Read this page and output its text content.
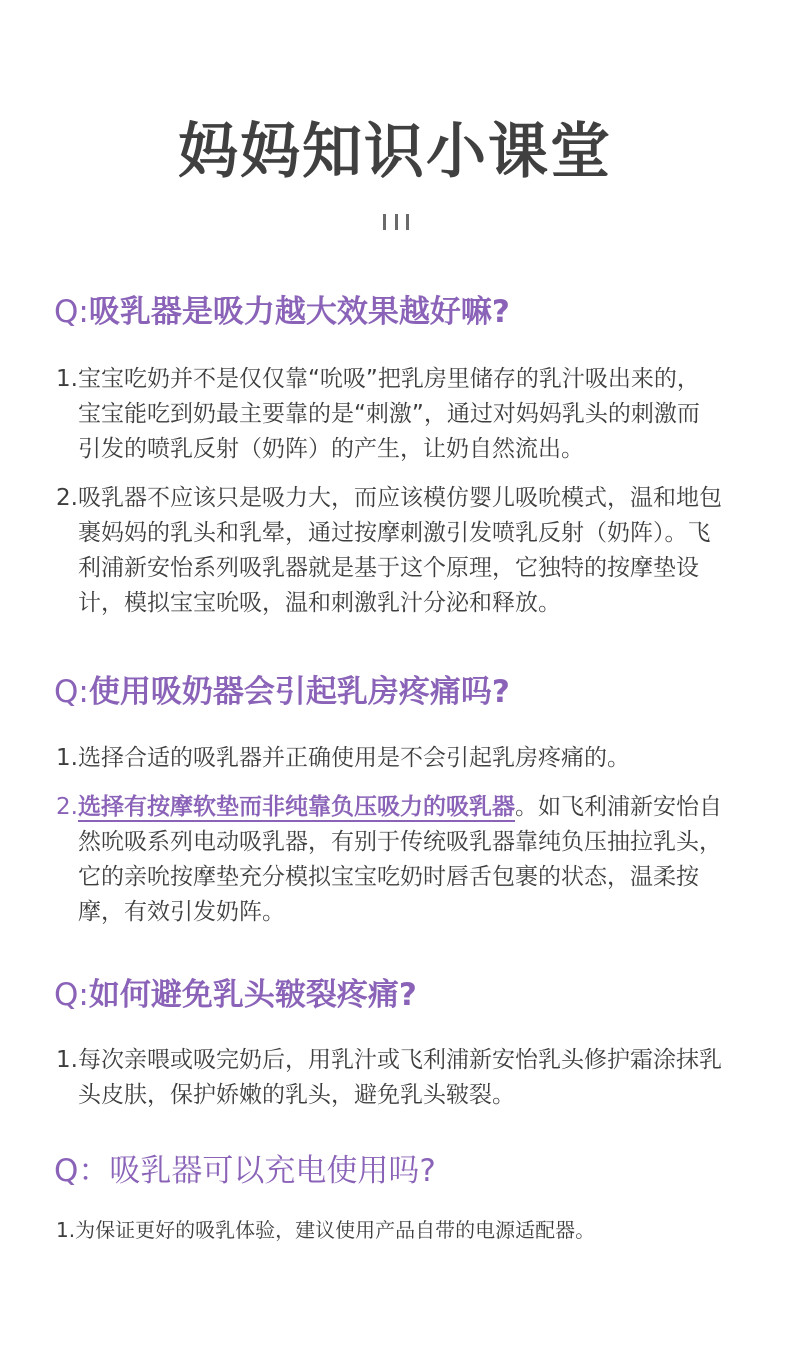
妈妈知识小课堂
Q:吸乳器是吸力越大效果越好嘛?
1. 宝宝吃奶并不是仅仅靠“吮吸”把乳房里储存的乳汁吸出来的，宝宝能吃到奶最主要靠的是“刺激”，通过对妈妈乳头的刺激而引发的喷乳反射（奶阵）的产生，让奶自然流出。
2. 吸乳器不应该只是吸力大，而应该模仿婴儿吸吮模式，温和地包裹妈妈的乳头和乳晕，通过按摩刺激引发喷乳反射（奶阵）。飞利浦新安怡系列吸乳器就是基于这个原理，它独特的按摩垫设计，模拟宝宝吮吸，温和刺激乳汁分泌和释放。
Q:使用吸奶器会引起乳房疼痛吗?
1. 选择合适的吸乳器并正确使用是不会引起乳房疼痛的。
2. 选择有按摩软垫而非纯靠负压吸力的吸乳器。如飞利浦新安怡自然吮吸系列电动吸乳器，有别于传统吸乳器靠纯负压抽拉乳头，它的亲吮按摩垫充分模拟宝宝吃奶时唇舌包裹的状态，温柔按摩，有效引发奶阵。
Q:如何避免乳头皲裂疼痛?
1. 每次亲喂或吸完奶后，用乳汁或飞利浦新安怡乳头修护霜涂抹乳头皮肤，保护娇嫩的乳头，避免乳头皲裂。
Q：吸乳器可以充电使用吗?
1. 为保证更好的吸乳体验，建议使用产品自带的电源适配器。
